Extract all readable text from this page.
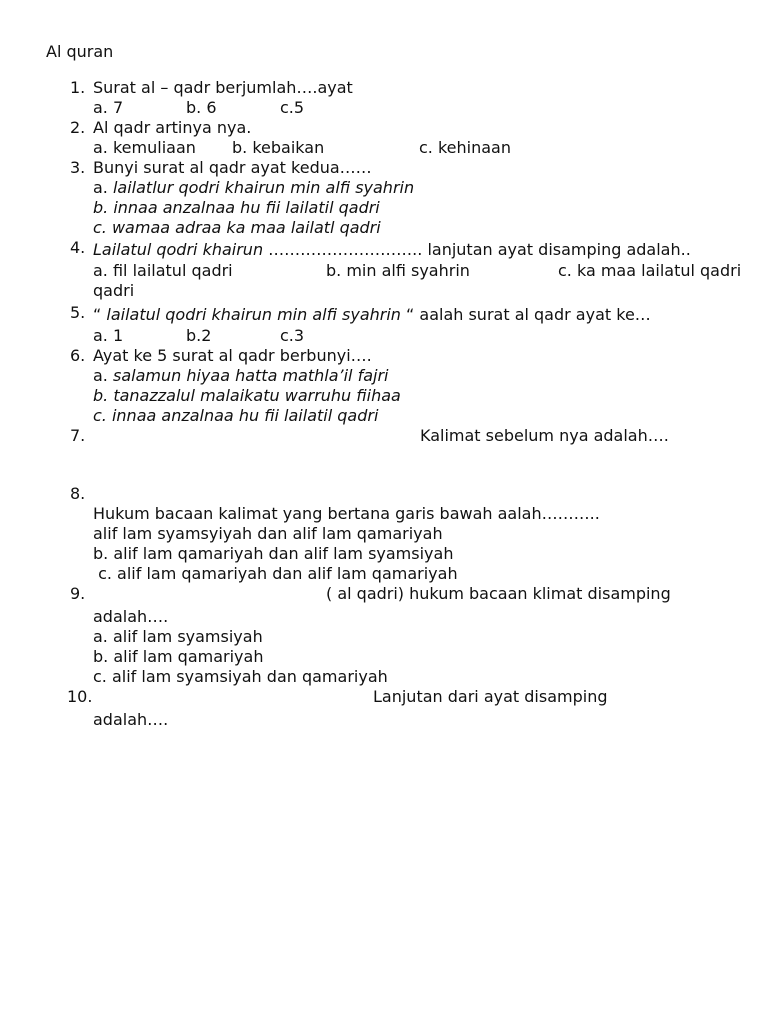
Al quran
1. Surat al – qadr berjumlah….ayat
a. 7	b. 6	c.5
2. Al qadr artinya nya.
a. kemuliaan b. kebaikan	c. kehinaan
3. Bunyi surat al qadr ayat kedua……
a. lailatlur qodri khairun min alfi syahrin
b. innaa anzalnaa hu fii lailatil qadri
c. wamaa adraa ka maa lailatl qadri
4. Lailatul qodri khairun ……………………….. lanjutan ayat disamping adalah..
a. fil lailatul qadri	b. min alfi syahrin	c. ka maa lailatul qadri
qadri
5. “ lailatul qodri khairun min alfi syahrin “ aalah surat al qadr ayat ke…
a. 1	b.2	c.3
6. Ayat ke 5 surat al qadr berbunyi….
a. salamun hiyaa hatta mathla’il fajri
b. tanazzalul malaikatu warruhu fiihaa
c. innaa anzalnaa hu fii lailatil qadri
7.	Kalimat sebelum nya adalah….
8.
Hukum bacaan kalimat yang bertana garis bawah aalah………..
alif lam syamsyiyah dan alif lam qamariyah
b. alif lam qamariyah dan alif lam syamsiyah
c. alif lam qamariyah dan alif lam qamariyah
9.	( al qadri) hukum bacaan klimat disamping
adalah….
a. alif lam syamsiyah
b. alif lam qamariyah
c. alif lam syamsiyah dan qamariyah
10.	Lanjutan dari ayat disamping
adalah….
